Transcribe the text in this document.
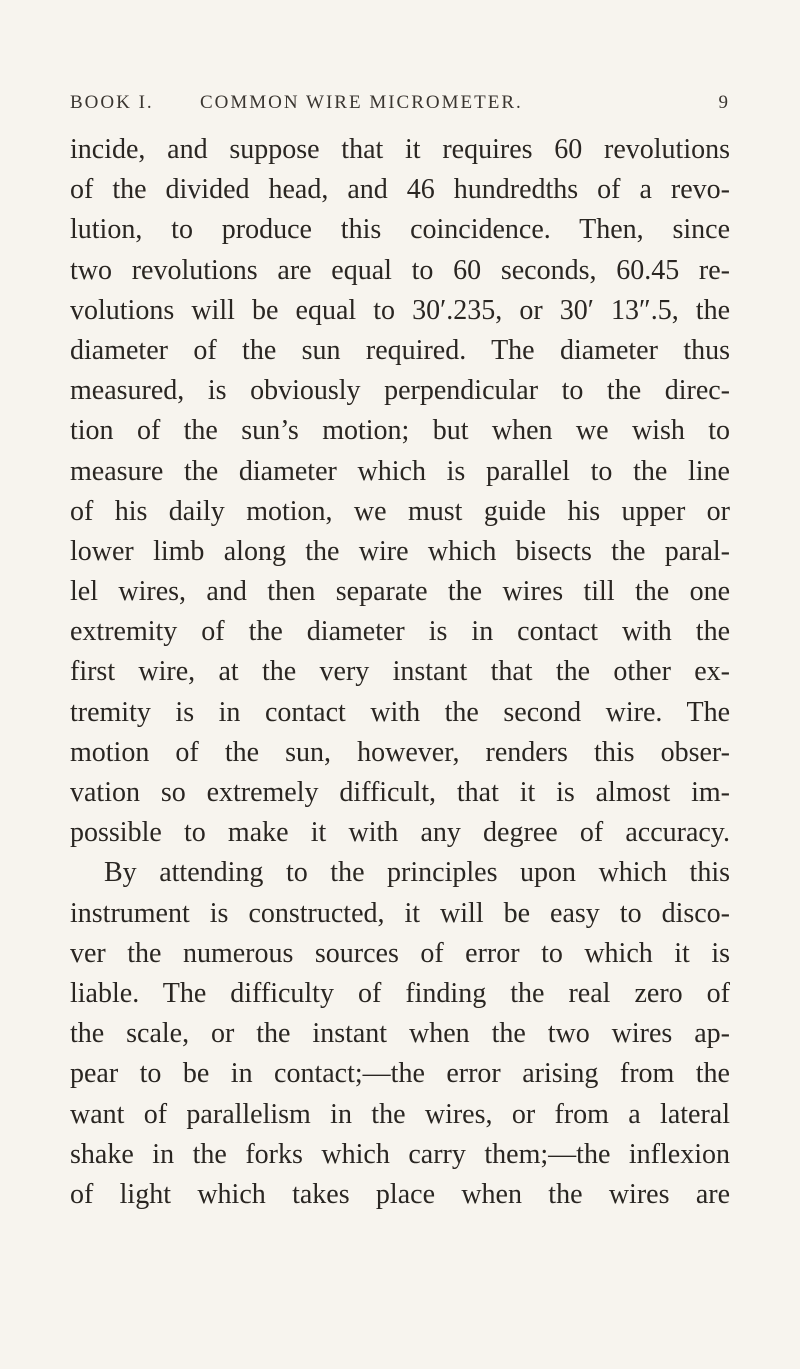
BOOK I. COMMON WIRE MICROMETER.	9
incide, and suppose that it requires 60 revolutions
of the divided head, and 46 hundredths of a revo-
lution, to produce this coincidence. Then, since
two revolutions are equal to 60 seconds, 60.45 re-
volutions will be equal to 30′.235, or 30′ 13″.5, the
diameter of the sun required. The diameter thus
measured, is obviously perpendicular to the direc-
tion of the sun’s motion; but when we wish to
measure the diameter which is parallel to the line
of his daily motion, we must guide his upper or
lower limb along the wire which bisects the paral-
lel wires, and then separate the wires till the one
extremity of the diameter is in contact with the
first wire, at the very instant that the other ex-
tremity is in contact with the second wire. The
motion of the sun, however, renders this obser-
vation so extremely difficult, that it is almost im-
possible to make it with any degree of accuracy.
By attending to the principles upon which this
instrument is constructed, it will be easy to disco-
ver the numerous sources of error to which it is
liable. The difficulty of finding the real zero of
the scale, or the instant when the two wires ap-
pear to be in contact;—the error arising from the
want of parallelism in the wires, or from a lateral
shake in the forks which carry them;—the inflexion
of light which takes place when the wires are
